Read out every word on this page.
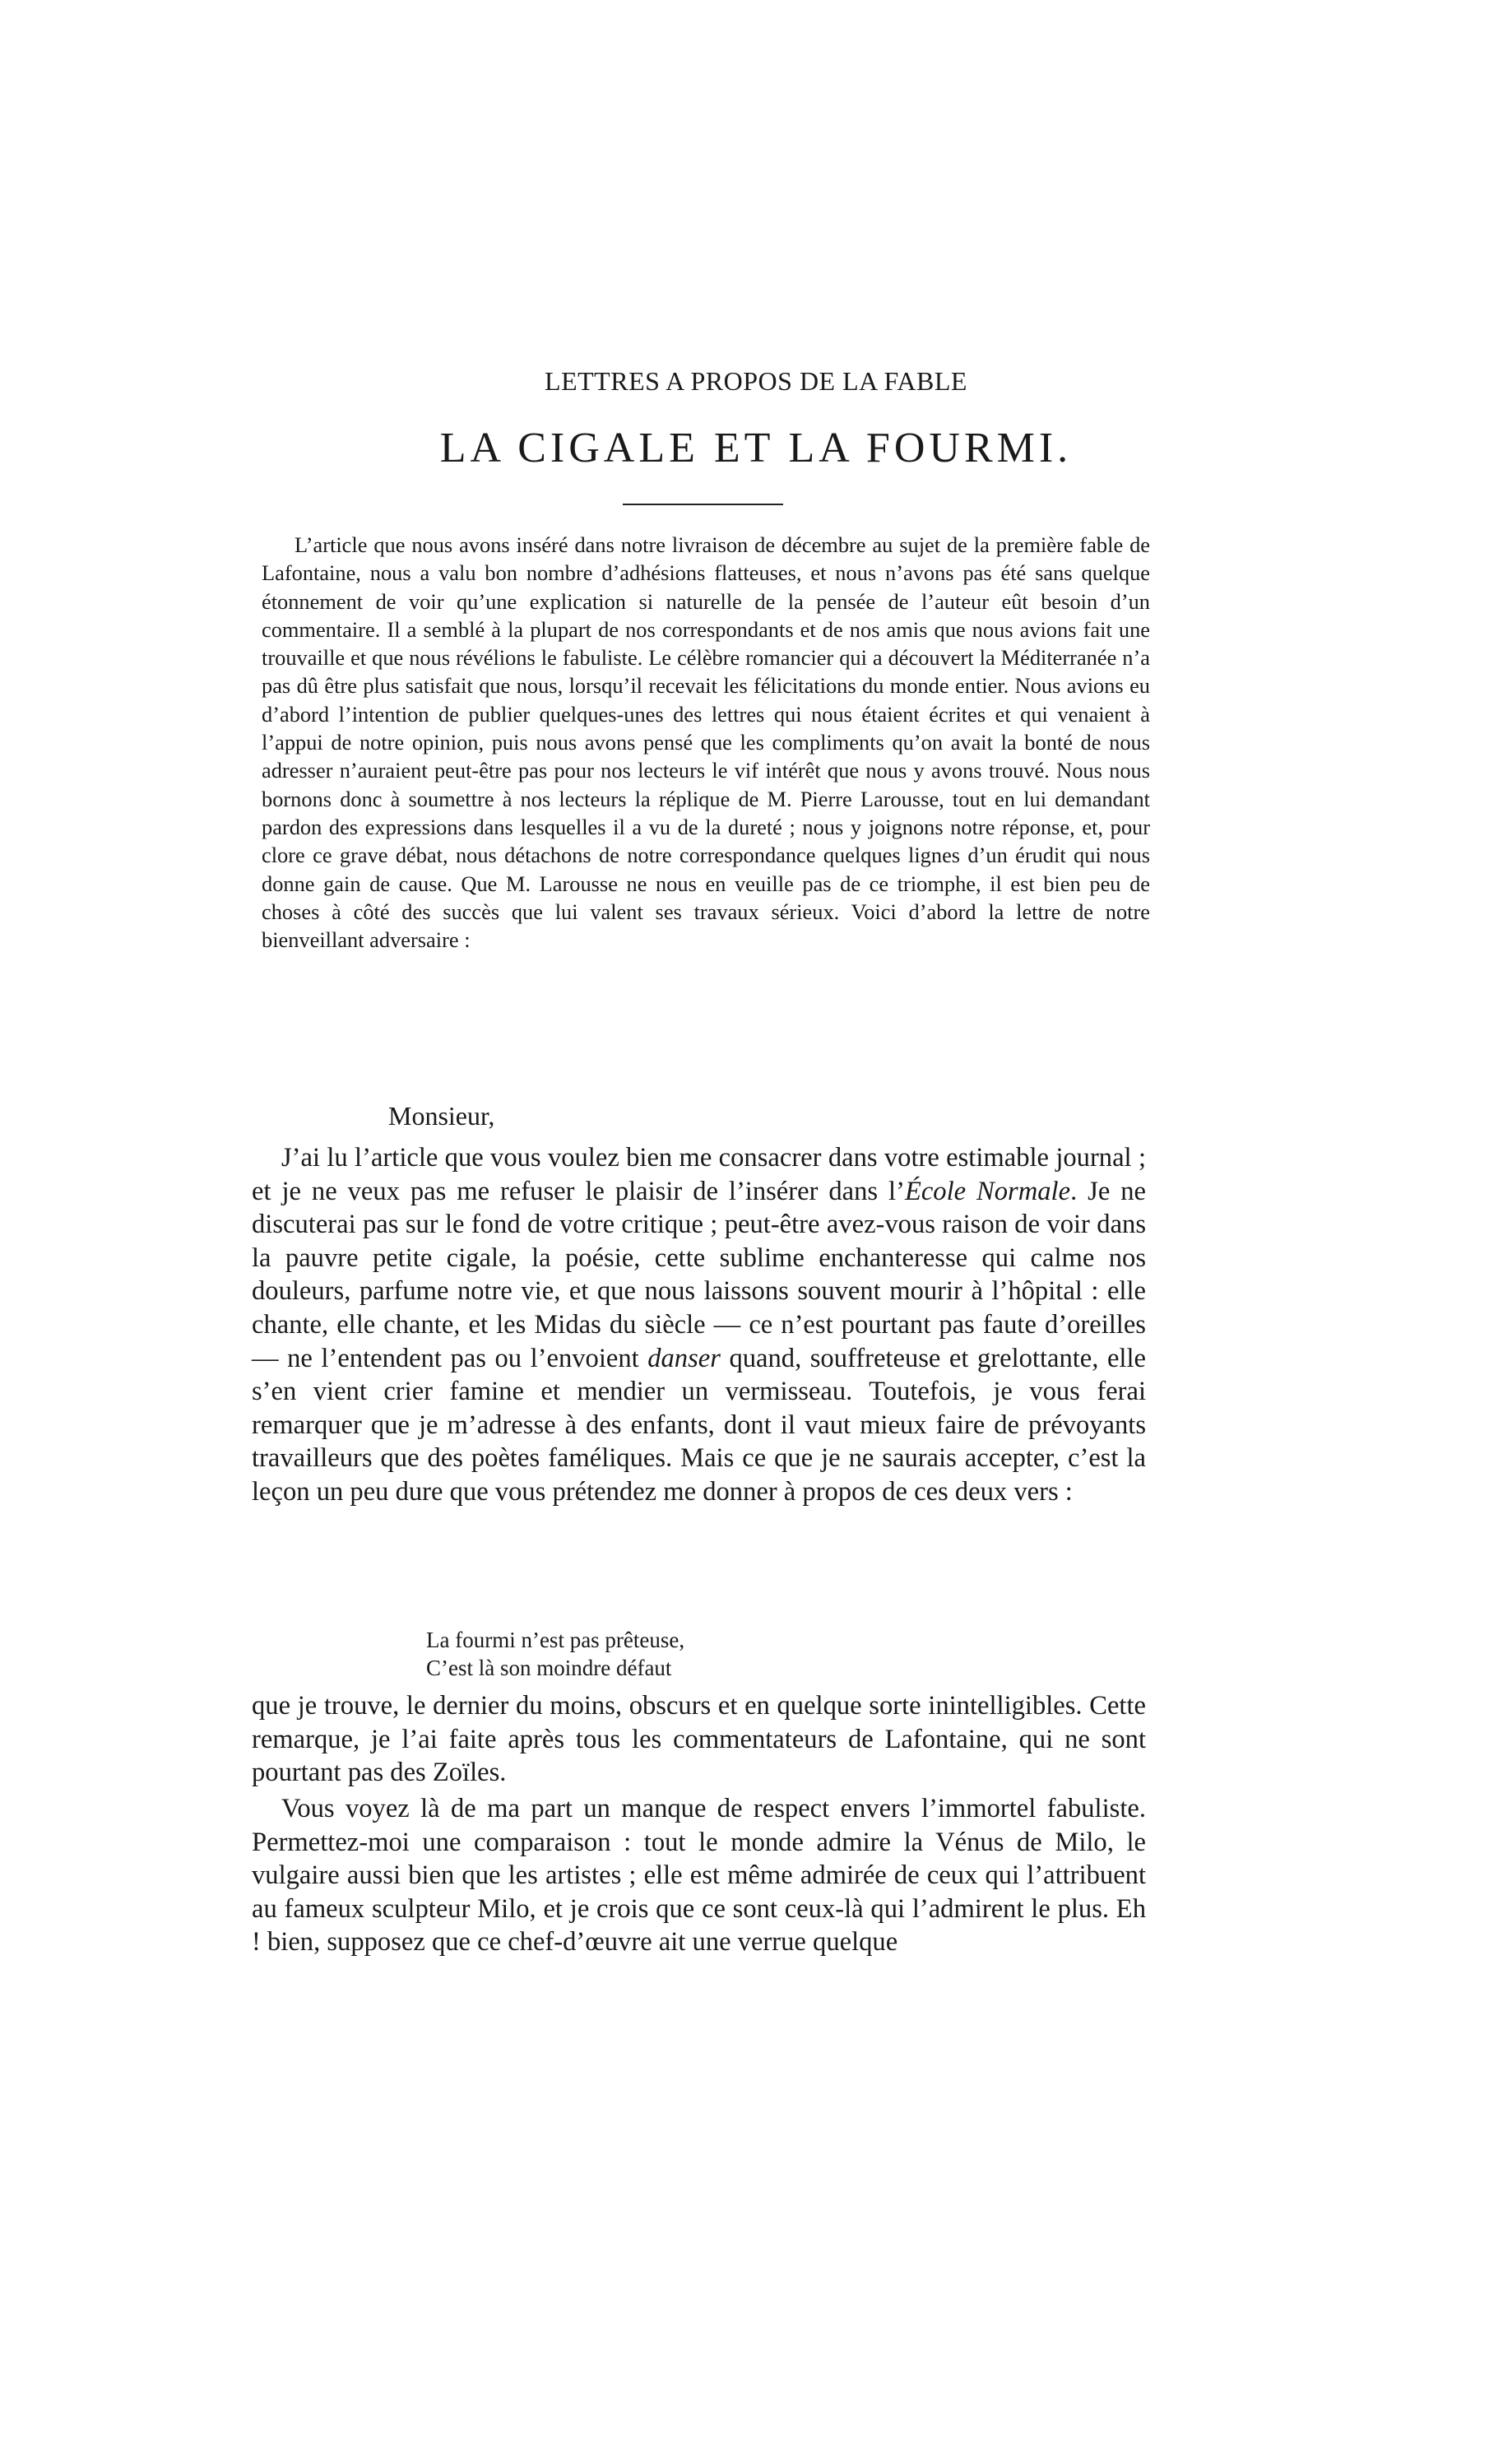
LETTRES A PROPOS DE LA FABLE
LA CIGALE ET LA FOURMI.

L’article que nous avons inséré dans notre livraison de décembre au sujet de la première fable de Lafontaine, nous a valu bon nombre d’adhésions flatteuses, et nous n’avons pas été sans quelque étonnement de voir qu’une explication si naturelle de la pensée de l’auteur eût besoin d’un commentaire. Il a semblé à la plupart de nos correspondants et de nos amis que nous avions fait une trouvaille et que nous révélions le fabuliste. Le célèbre romancier qui a découvert la Méditerranée n’a pas dû être plus satisfait que nous, lorsqu’il recevait les félicitations du monde entier. Nous avions eu d’abord l’intention de publier quelques-unes des lettres qui nous étaient écrites et qui venaient à l’appui de notre opinion, puis nous avons pensé que les compliments qu’on avait la bonté de nous adresser n’auraient peut-être pas pour nos lecteurs le vif intérêt que nous y avons trouvé. Nous nous bornons donc à soumettre à nos lecteurs la réplique de M. Pierre Larousse, tout en lui demandant pardon des expressions dans lesquelles il a vu de la dureté ; nous y joignons notre réponse, et, pour clore ce grave débat, nous détachons de notre correspondance quelques lignes d’un érudit qui nous donne gain de cause. Que M. Larousse ne nous en veuille pas de ce triomphe, il est bien peu de choses à côté des succès que lui valent ses travaux sérieux. Voici d’abord la lettre de notre bienveillant adversaire :

Monsieur,

J’ai lu l’article que vous voulez bien me consacrer dans votre estimable journal ; et je ne veux pas me refuser le plaisir de l’insérer dans l’École Normale. Je ne discuterai pas sur le fond de votre critique ; peut-être avez-vous raison de voir dans la pauvre petite cigale, la poésie, cette sublime enchanteresse qui calme nos douleurs, parfume notre vie, et que nous laissons souvent mourir à l’hôpital : elle chante, elle chante, et les Midas du siècle — ce n’est pourtant pas faute d’oreilles — ne l’entendent pas ou l’envoient danser quand, souffreteuse et grelottante, elle s’en vient crier famine et mendier un vermisseau. Toutefois, je vous ferai remarquer que je m’adresse à des enfants, dont il vaut mieux faire de prévoyants travailleurs que des poètes faméliques. Mais ce que je ne saurais accepter, c’est la leçon un peu dure que vous prétendez me donner à propos de ces deux vers :

La fourmi n’est pas prêteuse,
C’est là son moindre défaut

que je trouve, le dernier du moins, obscurs et en quelque sorte inintelligibles. Cette remarque, je l’ai faite après tous les commentateurs de Lafontaine, qui ne sont pourtant pas des Zoïles.

Vous voyez là de ma part un manque de respect envers l’immortel fabuliste. Permettez-moi une comparaison : tout le monde admire la Vénus de Milo, le vulgaire aussi bien que les artistes ; elle est même admirée de ceux qui l’attribuent au fameux sculpteur Milo, et je crois que ce sont ceux-là qui l’admirent le plus. Eh ! bien, supposez que ce chef-d’œuvre ait une verrue quelque
